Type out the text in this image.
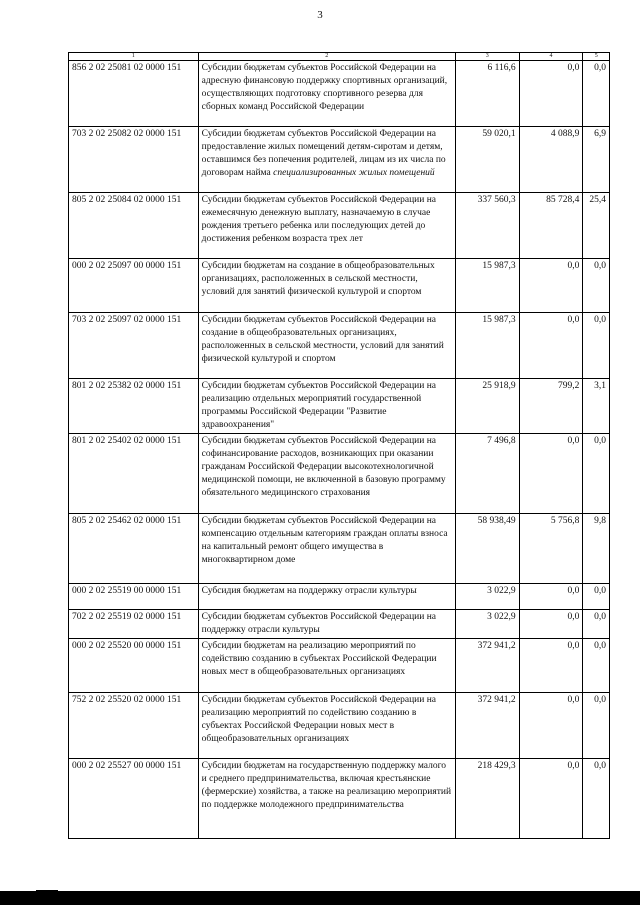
3
1	2	3	4	5
856 2 02 25081 02 0000 151	Субсидии бюджетам субъектов Российской Федерации на адресную финансовую поддержку спортивных организаций, осуществляющих подготовку спортивного резерва для сборных команд Российской Федерации	6 116,6	0,0	0,0
703 2 02 25082 02 0000 151	Субсидии бюджетам субъектов Российской Федерации на предоставление жилых помещений детям-сиротам и детям, оставшимся без попечения родителей, лицам из их числа по договорам найма специализированных жилых помещений	59 020,1	4 088,9	6,9
805 2 02 25084 02 0000 151	Субсидии бюджетам субъектов Российской Федерации на ежемесячную денежную выплату, назначаемую в случае рождения третьего ребенка или последующих детей до достижения ребенком возраста трех лет	337 560,3	85 728,4	25,4
000 2 02 25097 00 0000 151	Субсидии бюджетам на создание в общеобразовательных организациях, расположенных в сельской местности, условий для занятий физической культурой и спортом	15 987,3	0,0	0,0
703 2 02 25097 02 0000 151	Субсидии бюджетам субъектов Российской Федерации на создание в общеобразовательных организациях, расположенных в сельской местности, условий для занятий физической культурой и спортом	15 987,3	0,0	0,0
801 2 02 25382 02 0000 151	Субсидии бюджетам субъектов Российской Федерации на реализацию отдельных мероприятий государственной программы Российской Федерации "Развитие здравоохранения"	25 918,9	799,2	3,1
801 2 02 25402 02 0000 151	Субсидии бюджетам субъектов Российской Федерации на софинансирование расходов, возникающих при оказании гражданам Российской Федерации высокотехнологичной медицинской помощи, не включенной в базовую программу обязательного медицинского страхования	7 496,8	0,0	0,0
805 2 02 25462 02 0000 151	Субсидии бюджетам субъектов Российской Федерации на компенсацию отдельным категориям граждан оплаты взноса на капитальный ремонт общего имущества в многоквартирном доме	58 938,49	5 756,8	9,8
000 2 02 25519 00 0000 151	Субсидия бюджетам на поддержку отрасли культуры	3 022,9	0,0	0,0
702 2 02 25519 02 0000 151	Субсидии бюджетам субъектов Российской Федерации на поддержку отрасли культуры	3 022,9	0,0	0,0
000 2 02 25520 00 0000 151	Субсидии бюджетам на реализацию мероприятий по содействию созданию в субъектах Российской Федерации новых мест в общеобразовательных организациях	372 941,2	0,0	0,0
752 2 02 25520 02 0000 151	Субсидии бюджетам субъектов Российской Федерации на реализацию мероприятий по содействию созданию в субъектах Российской Федерации новых мест в общеобразовательных организациях	372 941,2	0,0	0,0
000 2 02 25527 00 0000 151	Субсидии бюджетам на государственную поддержку малого и среднего предпринимательства, включая крестьянские (фермерские) хозяйства, а также на реализацию мероприятий по поддержке молодежного предпринимательства	218 429,3	0,0	0,0
